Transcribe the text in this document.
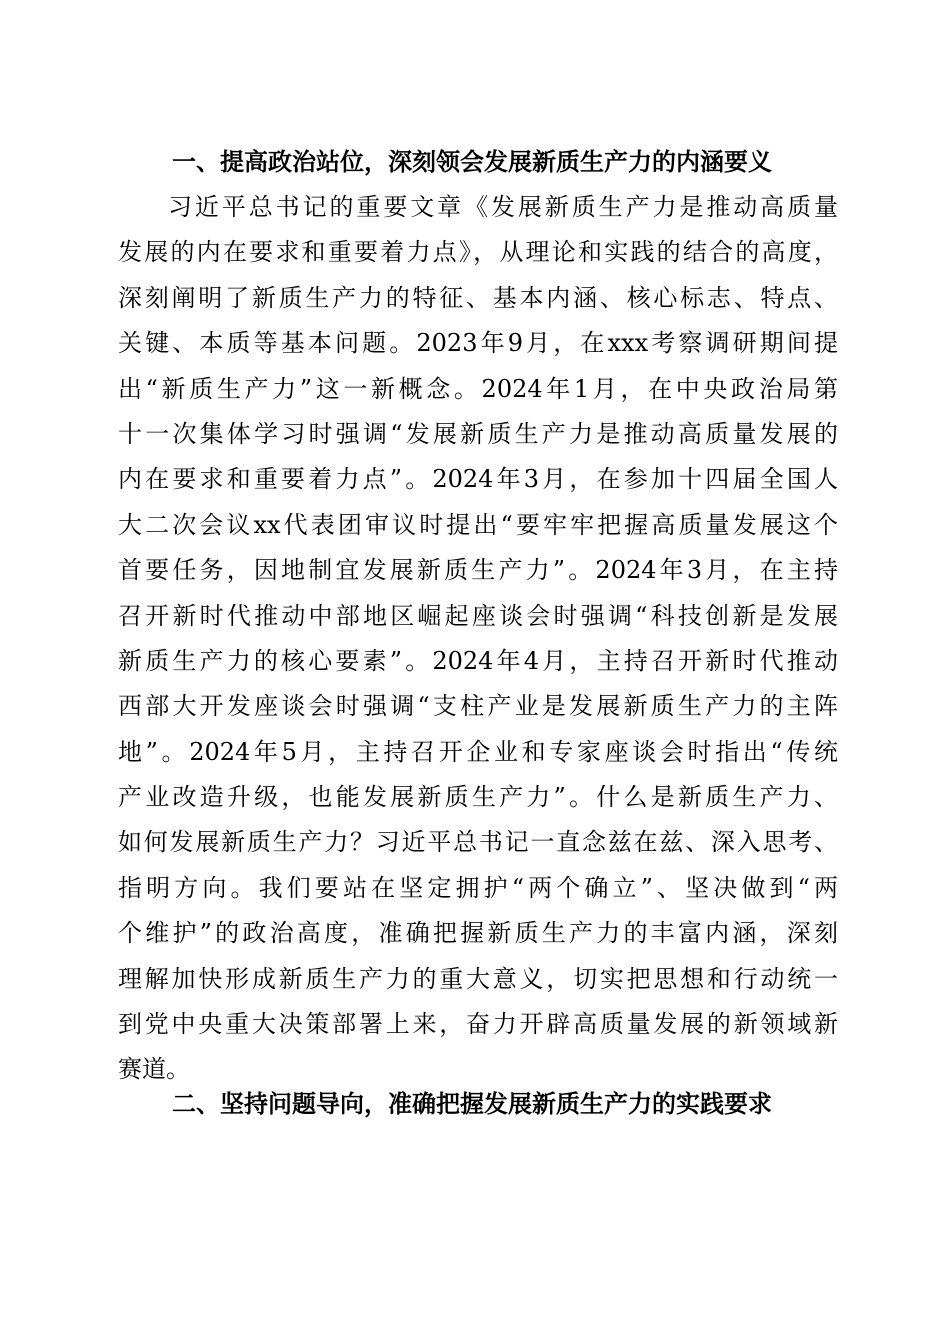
一、提高政治站位，深刻领会发展新质生产力的内涵要义
习近平总书记的重要文章《发展新质生产力是推动高质量
发展的内在要求和重要着力点》，从理论和实践的结合的高度，
深刻阐明了新质生产力的特征、基本内涵、核心标志、特点、
关键、本质等基本问题。2023年9月，在xxx考察调研期间提
出“新质生产力”这一新概念。2024年1月，在中央政治局第
十一次集体学习时强调“发展新质生产力是推动高质量发展的
内在要求和重要着力点”。2024年3月，在参加十四届全国人
大二次会议xx代表团审议时提出“要牢牢把握高质量发展这个
首要任务，因地制宜发展新质生产力”。2024年3月，在主持
召开新时代推动中部地区崛起座谈会时强调“科技创新是发展
新质生产力的核心要素”。2024年4月，主持召开新时代推动
西部大开发座谈会时强调“支柱产业是发展新质生产力的主阵
地”。2024年5月，主持召开企业和专家座谈会时指出“传统
产业改造升级，也能发展新质生产力”。什么是新质生产力、
如何发展新质生产力？习近平总书记一直念兹在兹、深入思考、
指明方向。我们要站在坚定拥护“两个确立”、坚决做到“两
个维护”的政治高度，准确把握新质生产力的丰富内涵，深刻
理解加快形成新质生产力的重大意义，切实把思想和行动统一
到党中央重大决策部署上来，奋力开辟高质量发展的新领域新
赛道。
二、坚持问题导向，准确把握发展新质生产力的实践要求
